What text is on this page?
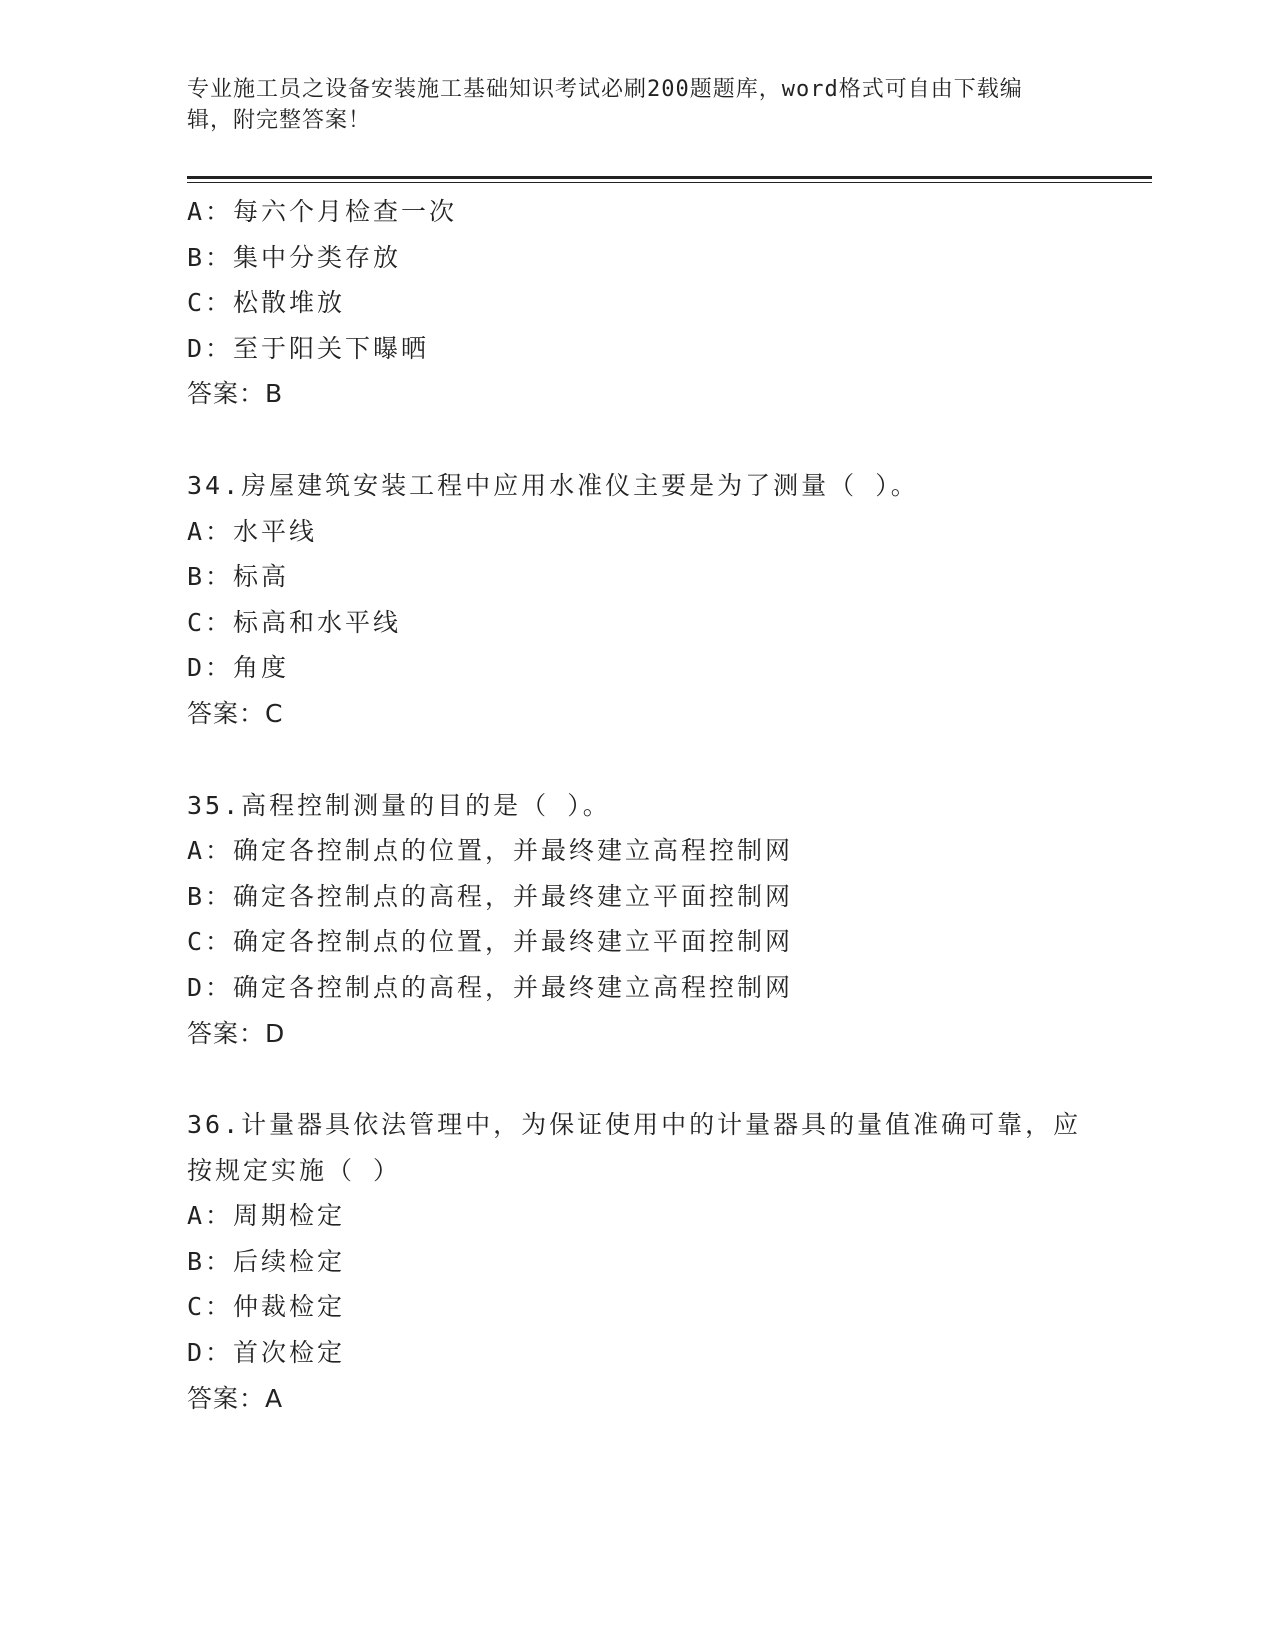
专业施工员之设备安装施工基础知识考试必刷200题题库，word格式可自由下载编辑，附完整答案！
A：每六个月检查一次
B：集中分类存放
C：松散堆放
D：至于阳关下曝晒
答案：B
34.房屋建筑安装工程中应用水准仪主要是为了测量（ ）。
A：水平线
B：标高
C：标高和水平线
D：角度
答案：C
35.高程控制测量的目的是（ ）。
A：确定各控制点的位置，并最终建立高程控制网
B：确定各控制点的高程，并最终建立平面控制网
C：确定各控制点的位置，并最终建立平面控制网
D：确定各控制点的高程，并最终建立高程控制网
答案：D
36.计量器具依法管理中，为保证使用中的计量器具的量值准确可靠，应按规定实施（ ）
A：周期检定
B：后续检定
C：仲裁检定
D：首次检定
答案：A
